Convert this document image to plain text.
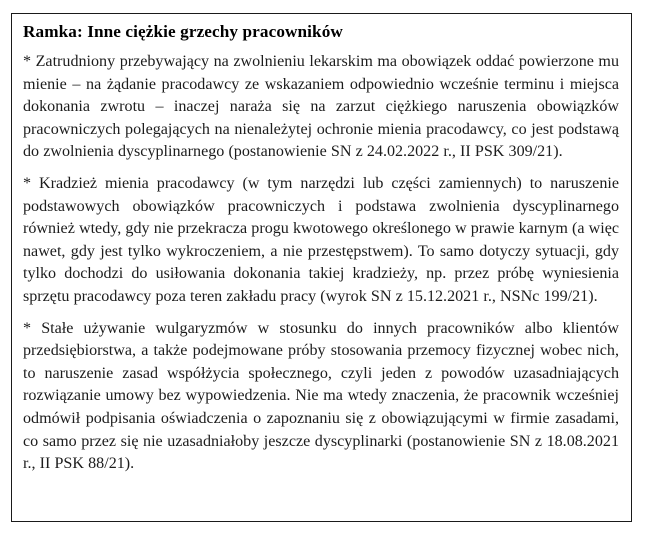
Ramka: Inne ciężkie grzechy pracowników

* Zatrudniony przebywający na zwolnieniu lekarskim ma obowiązek oddać powierzone mu mienie – na żądanie pracodawcy ze wskazaniem odpowiednio wcześnie terminu i miejsca dokonania zwrotu – inaczej naraża się na zarzut ciężkiego naruszenia obowiązków pracowniczych polegających na nienależytej ochronie mienia pracodawcy, co jest podstawą do zwolnienia dyscyplinarnego (postanowienie SN z 24.02.2022 r., II PSK 309/21).

* Kradzież mienia pracodawcy (w tym narzędzi lub części zamiennych) to naruszenie podstawowych obowiązków pracowniczych i podstawa zwolnienia dyscyplinarnego również wtedy, gdy nie przekracza progu kwotowego określonego w prawie karnym (a więc nawet, gdy jest tylko wykroczeniem, a nie przestępstwem). To samo dotyczy sytuacji, gdy tylko dochodzi do usiłowania dokonania takiej kradzieży, np. przez próbę wyniesienia sprzętu pracodawcy poza teren zakładu pracy (wyrok SN z 15.12.2021 r., NSNc 199/21).

* Stałe używanie wulgaryzmów w stosunku do innych pracowników albo klientów przedsiębiorstwa, a także podejmowane próby stosowania przemocy fizycznej wobec nich, to naruszenie zasad współżycia społecznego, czyli jeden z powodów uzasadniających rozwiązanie umowy bez wypowiedzenia. Nie ma wtedy znaczenia, że pracownik wcześniej odmówił podpisania oświadczenia o zapoznaniu się z obowiązującymi w firmie zasadami, co samo przez się nie uzasadniałoby jeszcze dyscyplinarki (postanowienie SN z 18.08.2021 r., II PSK 88/21).
